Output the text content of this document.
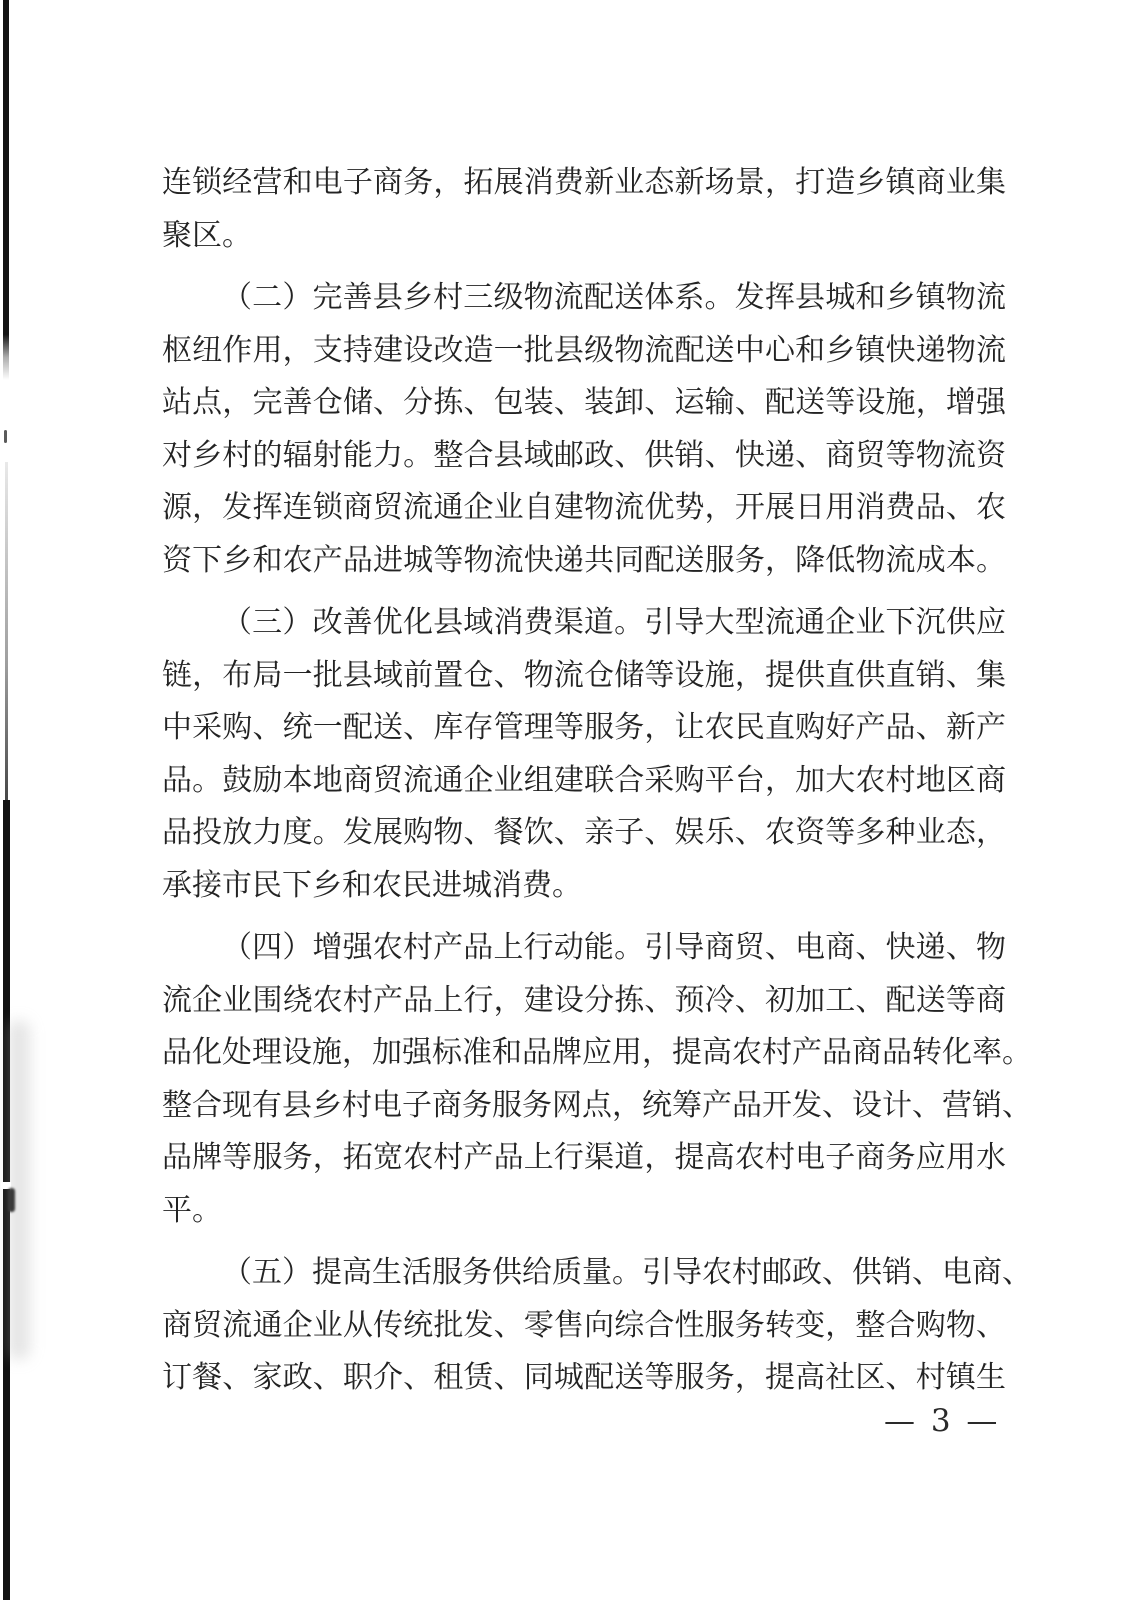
连锁经营和电子商务，拓展消费新业态新场景，打造乡镇商业集
聚区。
（二）完善县乡村三级物流配送体系。发挥县城和乡镇物流
枢纽作用，支持建设改造一批县级物流配送中心和乡镇快递物流
站点，完善仓储、分拣、包装、装卸、运输、配送等设施，增强
对乡村的辐射能力。整合县域邮政、供销、快递、商贸等物流资
源，发挥连锁商贸流通企业自建物流优势，开展日用消费品、农
资下乡和农产品进城等物流快递共同配送服务，降低物流成本。
（三）改善优化县域消费渠道。引导大型流通企业下沉供应
链，布局一批县域前置仓、物流仓储等设施，提供直供直销、集
中采购、统一配送、库存管理等服务，让农民直购好产品、新产
品。鼓励本地商贸流通企业组建联合采购平台，加大农村地区商
品投放力度。发展购物、餐饮、亲子、娱乐、农资等多种业态，
承接市民下乡和农民进城消费。
（四）增强农村产品上行动能。引导商贸、电商、快递、物
流企业围绕农村产品上行，建设分拣、预冷、初加工、配送等商
品化处理设施，加强标准和品牌应用，提高农村产品商品转化率。
整合现有县乡村电子商务服务网点，统筹产品开发、设计、营销、
品牌等服务，拓宽农村产品上行渠道，提高农村电子商务应用水
平。
（五）提高生活服务供给质量。引导农村邮政、供销、电商、
商贸流通企业从传统批发、零售向综合性服务转变，整合购物、
订餐、家政、职介、租赁、同城配送等服务，提高社区、村镇生
— 3 —
